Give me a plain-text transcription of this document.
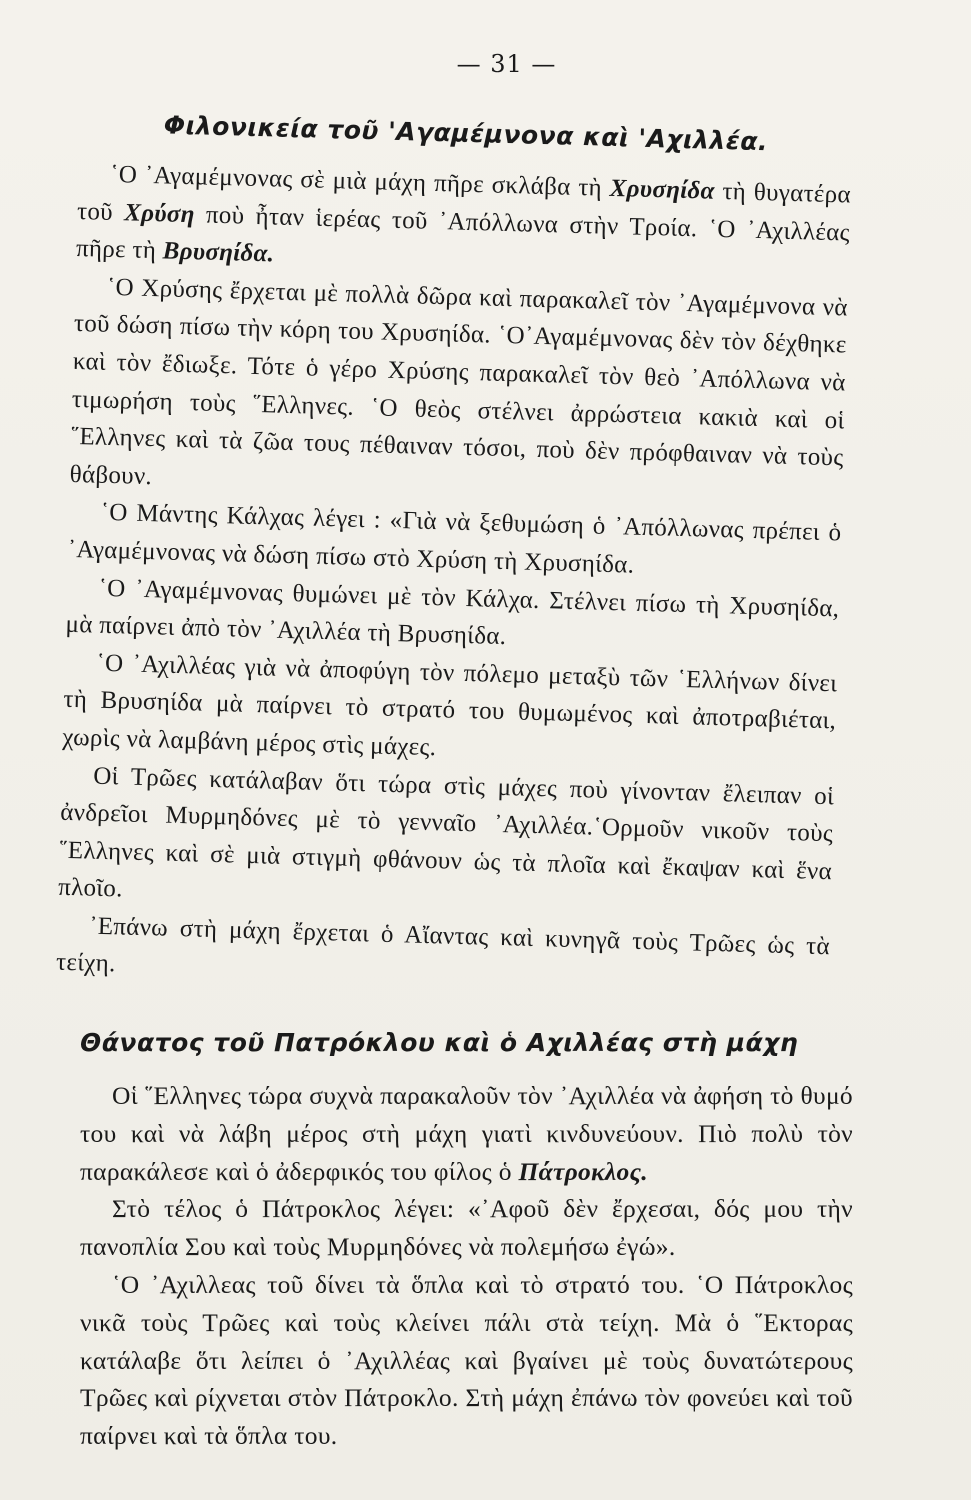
— 31 —
Φιλονικεία τοῦ 'Αγαμέμνονα καὶ 'Αχιλλέα.

῾Ο ᾿Αγαμέμνονας σὲ μιὰ μάχη πῆρε σκλάβα τὴ Χρυσηίδα τὴ θυγατέρα τοῦ Χρύση ποὺ ἦταν ἱερέας τοῦ ᾿Απόλλωνα στὴν Τροία. ῾Ο ᾿Αχιλλέας πῆρε τὴ Βρυσηίδα.

῾Ο Χρύσης ἔρχεται μὲ πολλὰ δῶρα καὶ παρακαλεῖ τὸν ᾿Αγαμέμνονα νὰ τοῦ δώση πίσω τὴν κόρη του Χρυσηίδα. ῾Ο᾿Αγαμέμνονας δὲν τὸν δέχθηκε καὶ τὸν ἔδιωξε. Τότε ὁ γέρο Χρύσης παρακαλεῖ τὸν θεὸ ᾿Απόλλωνα νὰ τιμωρήση τοὺς ῞Ελληνες. ῾Ο θεὸς στέλνει ἀρρώστεια κακιὰ καὶ οἱ ῞Ελληνες καὶ τὰ ζῶα τους πέθαιναν τόσοι, ποὺ δὲν πρόφθαιναν νὰ τοὺς θάβουν.

῾Ο Μάντης Κάλχας λέγει : «Γιὰ νὰ ξεθυμώση ὁ ᾿Απόλλωνας πρέπει ὁ ᾿Αγαμέμνονας νὰ δώση πίσω στὸ Χρύση τὴ Χρυσηίδα.

῾Ο ᾿Αγαμέμνονας θυμώνει μὲ τὸν Κάλχα. Στέλνει πίσω τὴ Χρυσηίδα, μὰ παίρνει ἀπὸ τὸν ᾿Αχιλλέα τὴ Βρυσηίδα.

῾Ο ᾿Αχιλλέας γιὰ νὰ ἀποφύγη τὸν πόλεμο μεταξὺ τῶν ῾Ελλήνων δίνει τὴ Βρυσηίδα μὰ παίρνει τὸ στρατό του θυμωμένος καὶ ἀποτραβιέται, χωρὶς νὰ λαμβάνη μέρος στὶς μάχες.

Οἱ Τρῶες κατάλαβαν ὅτι τώρα στὶς μάχες ποὺ γίνονταν ἔλειπαν οἱ ἀνδρεῖοι Μυρμηδόνες μὲ τὸ γενναῖο ᾿Αχιλλέα.῾Ορμοῦν νικοῦν τοὺς ῞Ελληνες καὶ σὲ μιὰ στιγμὴ φθάνουν ὡς τὰ πλοῖα καὶ ἔκαψαν καὶ ἕνα πλοῖο.

᾿Επάνω στὴ μάχη ἔρχεται ὁ Αἴαντας καὶ κυνηγᾶ τοὺς Τρῶες ὡς τὰ τείχη.

Θάνατος τοῦ Πατρόκλου καὶ ὁ Αχιλλέας στὴ μάχη

Οἱ ῞Ελληνες τώρα συχνὰ παρακαλοῦν τὸν ᾿Αχιλλέα νὰ ἀφήση τὸ θυμό του καὶ νὰ λάβη μέρος στὴ μάχη γιατὶ κινδυνεύουν. Πιὸ πολὺ τὸν παρακάλεσε καὶ ὁ ἀδερφικός του φίλος ὁ Πάτροκλος.

Στὸ τέλος ὁ Πάτροκλος λέγει: «᾿Αφοῦ δὲν ἔρχεσαι, δός μου τὴν πανοπλία Σου καὶ τοὺς Μυρμηδόνες νὰ πολεμήσω ἐγώ».

῾Ο ᾿Αχιλλεας τοῦ δίνει τὰ ὅπλα καὶ τὸ στρατό του. ῾Ο Πάτροκλος νικᾶ τοὺς Τρῶες καὶ τοὺς κλείνει πάλι στὰ τείχη. Μὰ ὁ ῞Εκτορας κατάλαβε ὅτι λείπει ὁ ᾿Αχιλλέας καὶ βγαίνει μὲ τοὺς δυνατώτερους Τρῶες καὶ ρίχνεται στὸν Πάτροκλο. Στὴ μάχη ἐπάνω τὸν φονεύει καὶ τοῦ παίρνει καὶ τὰ ὅπλα του.
